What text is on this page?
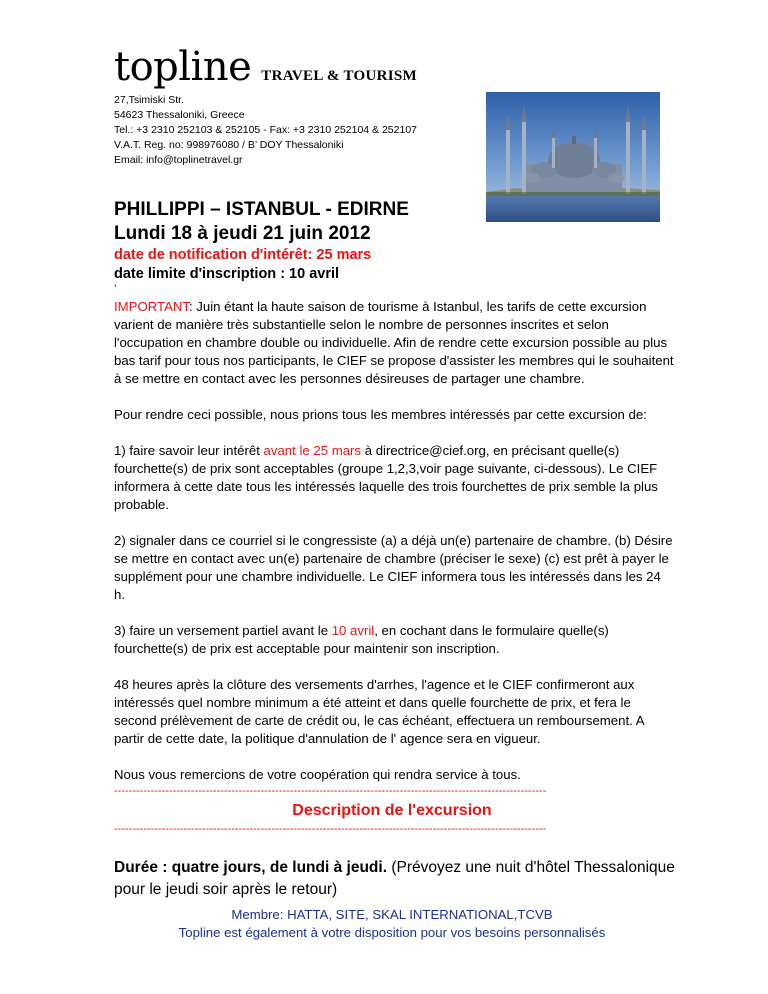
topline TRAVEL & TOURISM
27,Tsimiski Str.
54623 Thessaloniki, Greece
Tel.: +3 2310 252103 & 252105 - Fax: +3 2310 252104 & 252107
V.A.T. Reg. no: 998976080 / B’ DOY Thessaloniki
Email: info@toplinetravel.gr
PHILLIPPI – ISTANBUL - EDIRNE
Lundi 18 à jeudi 21 juin 2012
date de notification d'intérêt: 25 mars
date limite d'inscription : 10 avril
'

IMPORTANT: Juin étant la haute saison de tourisme à Istanbul, les tarifs de cette excursion varient de manière très substantielle selon le nombre de personnes inscrites et selon l'occupation en chambre double ou individuelle. Afin de rendre cette excursion possible au plus bas tarif pour tous nos participants, le CIEF se propose d'assister les membres qui le souhaitent à se mettre en contact avec les personnes désireuses de partager une chambre.

Pour rendre ceci possible, nous prions tous les membres intéressés par cette excursion de:

1) faire savoir leur intérêt avant le 25 mars à directrice@cief.org, en précisant quelle(s) fourchette(s) de prix sont acceptables (groupe 1,2,3,voir page suivante, ci-dessous). Le CIEF informera à cette date tous les intéressés laquelle des trois fourchettes de prix semble la plus probable.

2) signaler dans ce courriel si le congressiste (a) a déjà un(e) partenaire de chambre. (b) Désire se mettre en contact avec un(e) partenaire de chambre (préciser le sexe) (c) est prêt à payer le supplément pour une chambre individuelle. Le CIEF informera tous les intéressés dans les 24 h.

3) faire un versement partiel avant le 10 avril, en cochant dans le formulaire quelle(s) fourchette(s) de prix est acceptable pour maintenir son inscription.

48 heures après la clôture des versements d'arrhes, l'agence et le CIEF confirmeront aux intéressés quel nombre minimum a été atteint et dans quelle fourchette de prix, et fera le second prélèvement de carte de crédit ou, le cas échéant, effectuera un remboursement. A partir de cette date, la politique d'annulation de l' agence sera en vigueur.

Nous vous remercions de votre coopération qui rendra service à tous.

----------------------------------------------------------------------------------------------------------------------
Description de l'excursion
----------------------------------------------------------------------------------------------------------------------
Durée : quatre jours, de lundi à jeudi. (Prévoyez une nuit d'hôtel Thessalonique pour le jeudi soir après le retour)
Membre: HATTA, SITE, SKAL INTERNATIONAL,TCVB
Topline est également à votre disposition pour vos besoins personnalisés
